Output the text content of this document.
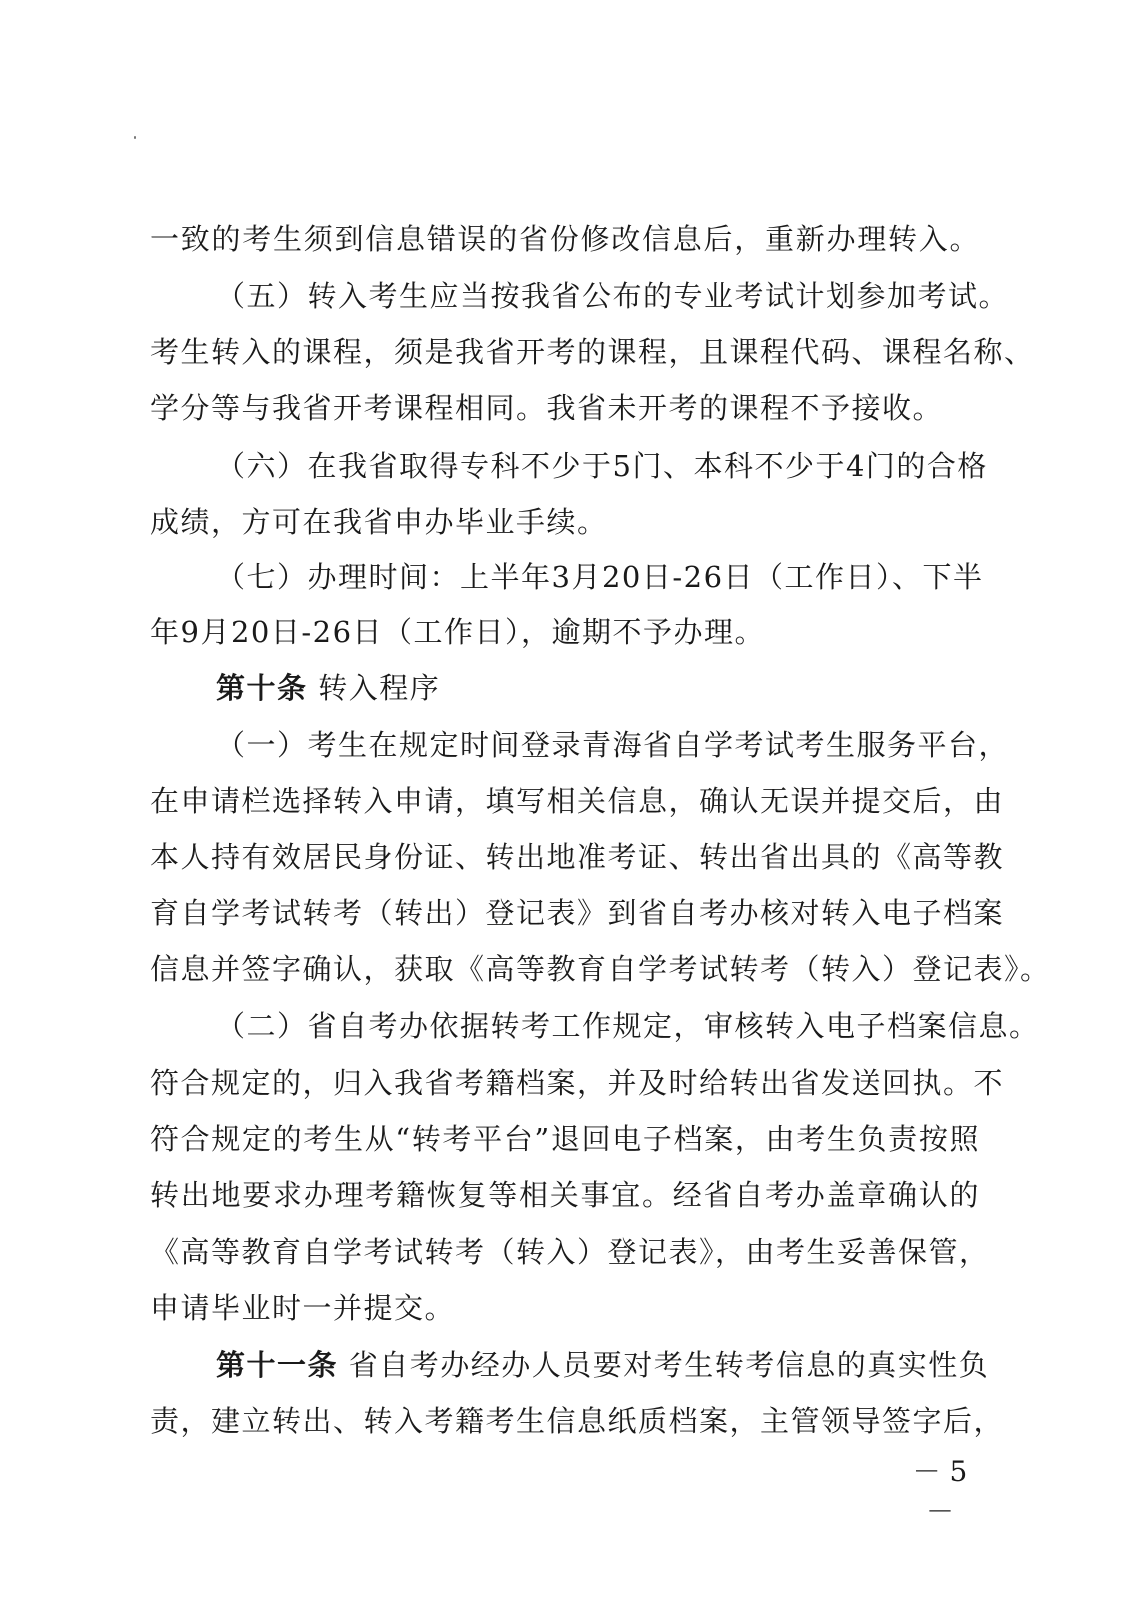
一致的考生须到信息错误的省份修改信息后，重新办理转入。
（五）转入考生应当按我省公布的专业考试计划参加考试。
考生转入的课程，须是我省开考的课程，且课程代码、课程名称、
学分等与我省开考课程相同。我省未开考的课程不予接收。
（六）在我省取得专科不少于5门、本科不少于4门的合格
成绩，方可在我省申办毕业手续。
（七）办理时间：上半年3月20日-26日（工作日）、下半
年9月20日-26日（工作日），逾期不予办理。
第十条 转入程序
（一）考生在规定时间登录青海省自学考试考生服务平台，
在申请栏选择转入申请，填写相关信息，确认无误并提交后，由
本人持有效居民身份证、转出地准考证、转出省出具的《高等教
育自学考试转考（转出）登记表》到省自考办核对转入电子档案
信息并签字确认，获取《高等教育自学考试转考（转入）登记表》。
（二）省自考办依据转考工作规定，审核转入电子档案信息。
符合规定的，归入我省考籍档案，并及时给转出省发送回执。不
符合规定的考生从“转考平台”退回电子档案，由考生负责按照
转出地要求办理考籍恢复等相关事宜。经省自考办盖章确认的
《高等教育自学考试转考（转入）登记表》，由考生妥善保管，
申请毕业时一并提交。
第十一条 省自考办经办人员要对考生转考信息的真实性负
责，建立转出、转入考籍考生信息纸质档案，主管领导签字后，
－ 5 －
